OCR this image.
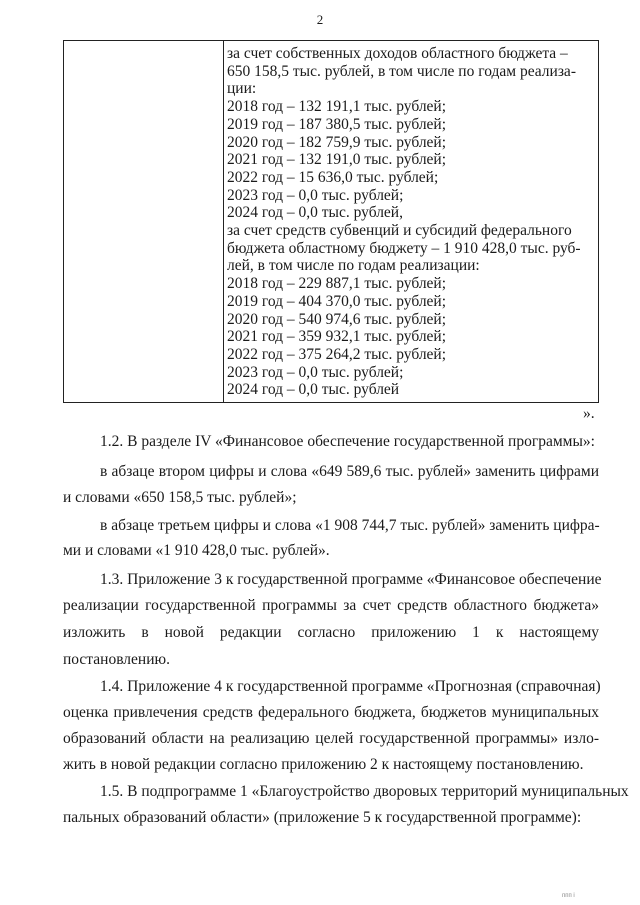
2
за счет собственных доходов областного бюджета –
650 158,5 тыс. рублей, в том числе по годам реализа-
ции:
2018 год – 132 191,1 тыс. рублей;
2019 год – 187 380,5 тыс. рублей;
2020 год – 182 759,9 тыс. рублей;
2021 год – 132 191,0 тыс. рублей;
2022 год – 15 636,0 тыс. рублей;
2023 год – 0,0 тыс. рублей;
2024 год – 0,0 тыс. рублей,
за счет средств субвенций и субсидий федерального
бюджета областному бюджету – 1 910 428,0 тыс. руб-
лей, в том числе по годам реализации:
2018 год – 229 887,1 тыс. рублей;
2019 год – 404 370,0 тыс. рублей;
2020 год – 540 974,6 тыс. рублей;
2021 год – 359 932,1 тыс. рублей;
2022 год – 375 264,2 тыс. рублей;
2023 год – 0,0 тыс. рублей;
2024 год – 0,0 тыс. рублей
».
1.2. В разделе IV «Финансовое обеспечение государственной программы»:
в абзаце втором цифры и слова «649 589,6 тыс. рублей» заменить цифрами
и словами «650 158,5 тыс. рублей»;
в абзаце третьем цифры и слова «1 908 744,7 тыс. рублей» заменить цифра-
ми и словами «1 910 428,0 тыс. рублей».
1.3. Приложение 3 к государственной программе «Финансовое обеспечение
реализации государственной программы за счет средств областного бюджета»
изложить в новой редакции согласно приложению 1 к настоящему
постановлению.
1.4. Приложение 4 к государственной программе «Прогнозная (справочная)
оценка привлечения средств федерального бюджета, бюджетов муниципальных
образований области на реализацию целей государственной программы» изло-
жить в новой редакции согласно приложению 2 к настоящему постановлению.
1.5. В подпрограмме 1 «Благоустройство дворовых территорий муниципальных
пальных образований области» (приложение 5 к государственной программе):
ппп і
